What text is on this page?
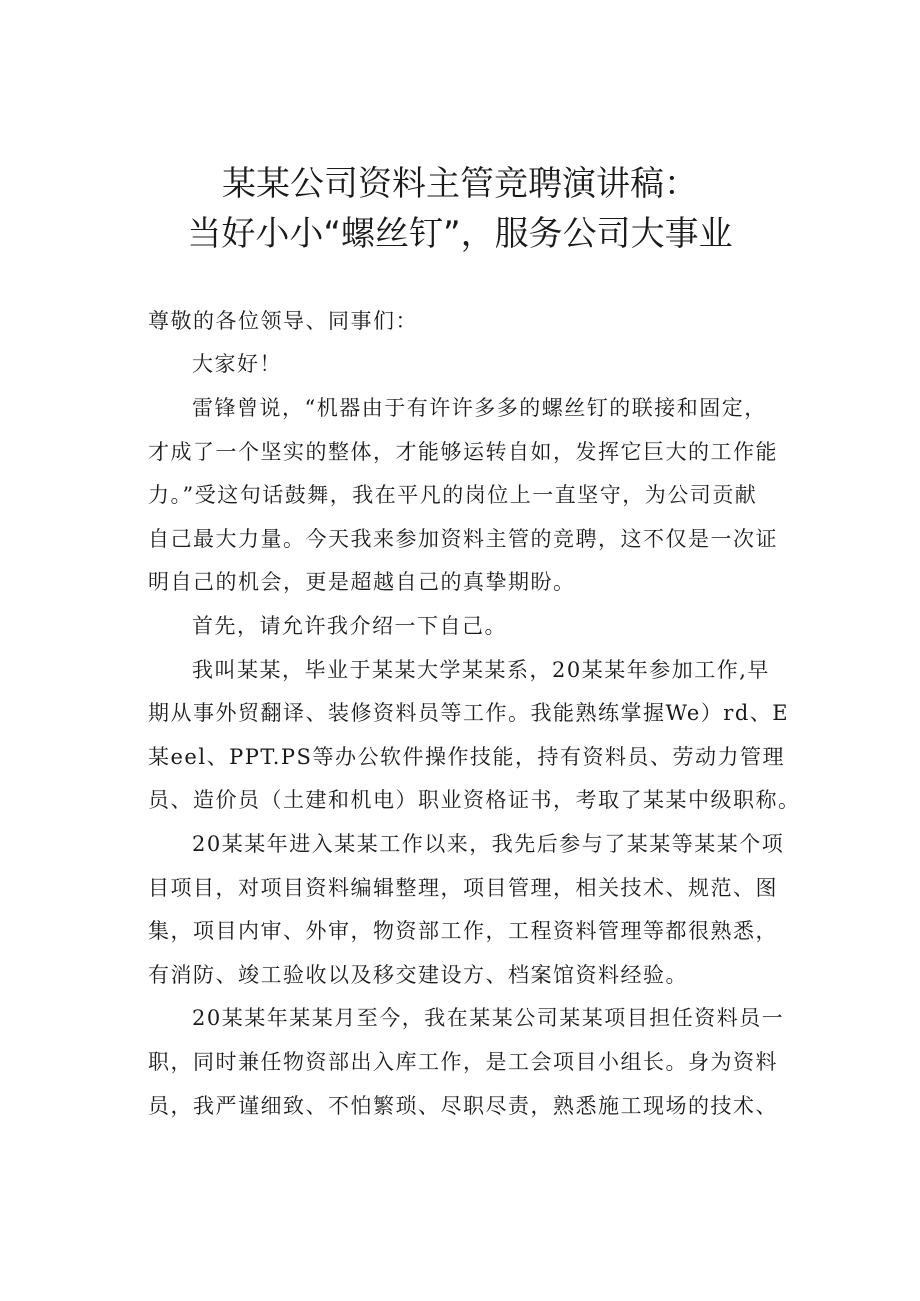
某某公司资料主管竞聘演讲稿：
当好小小“螺丝钉”，服务公司大事业
尊敬的各位领导、同事们：
大家好！
雷锋曾说，“机器由于有许许多多的螺丝钉的联接和固定，
才成了一个坚实的整体，才能够运转自如，发挥它巨大的工作能
力。”受这句话鼓舞，我在平凡的岗位上一直坚守，为公司贡献
自己最大力量。今天我来参加资料主管的竞聘，这不仅是一次证
明自己的机会，更是超越自己的真挚期盼。
首先，请允许我介绍一下自己。
我叫某某，毕业于某某大学某某系，20某某年参加工作,早
期从事外贸翻译、装修资料员等工作。我能熟练掌握We）rd、E
某eel、PPT.PS等办公软件操作技能，持有资料员、劳动力管理
员、造价员（土建和机电）职业资格证书，考取了某某中级职称。
20某某年进入某某工作以来，我先后参与了某某等某某个项
目项目，对项目资料编辑整理，项目管理，相关技术、规范、图
集，项目内审、外审，物资部工作，工程资料管理等都很熟悉，
有消防、竣工验收以及移交建设方、档案馆资料经验。
20某某年某某月至今，我在某某公司某某项目担任资料员一
职，同时兼任物资部出入库工作，是工会项目小组长。身为资料
员，我严谨细致、不怕繁琐、尽职尽责，熟悉施工现场的技术、
